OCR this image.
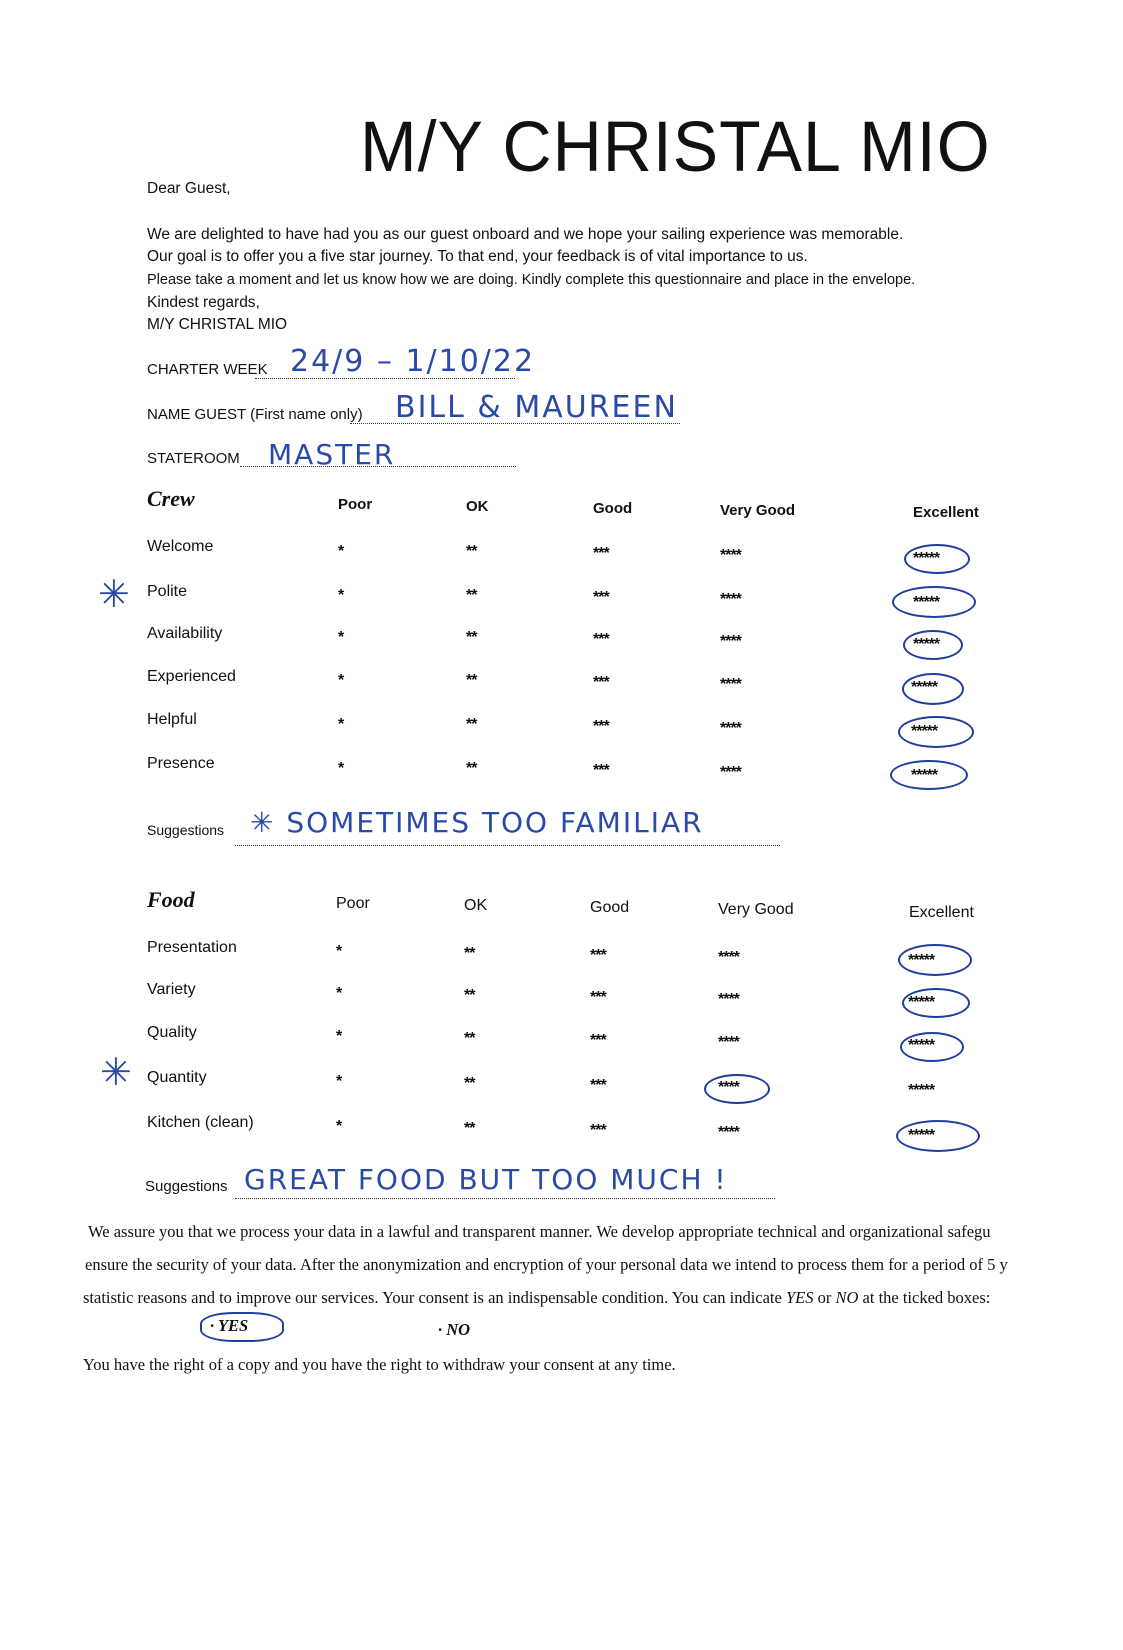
M/Y CHRISTAL MIO
Dear Guest,
We are delighted to have had you as our guest onboard and we hope your sailing experience was memorable.
Our goal is to offer you a five star journey. To that end, your feedback is of vital importance to us.
Please take a moment and let us know how we are doing. Kindly complete this questionnaire and place in the envelope.
Kindest regards,
M/Y CHRISTAL MIO
CHARTER WEEK 24/9 – 1/10/22
NAME GUEST (First name only) BILL & MAUREEN
STATEROOM MASTER
Crew	Poor	OK	Good	Very Good	Excellent
Welcome	*	**	***	****	*****
✳ Polite	*	**	***	****	*****
Availability	*	**	***	****	*****
Experienced	*	**	***	****	*****
Helpful	*	**	***	****	*****
Presence	*	**	***	****	*****
Suggestions ✳ SOMETIMES TOO FAMILIAR
Food	Poor	OK	Good	Very Good	Excellent
Presentation	*	**	***	****	*****
Variety	*	**	***	****	*****
Quality	*	**	***	****	*****
✳ Quantity	*	**	***	****	*****
Kitchen (clean)	*	**	***	****	*****
Suggestions GREAT FOOD BUT TOO MUCH !
We assure you that we process your data in a lawful and transparent manner. We develop appropriate technical and organizational safegu
ensure the security of your data. After the anonymization and encryption of your personal data we intend to process them for a period of 5 y
statistic reasons and to improve our services. Your consent is an indispensable condition. You can indicate YES or NO at the ticked boxes:
· YES	· NO
You have the right of a copy and you have the right to withdraw your consent at any time.
